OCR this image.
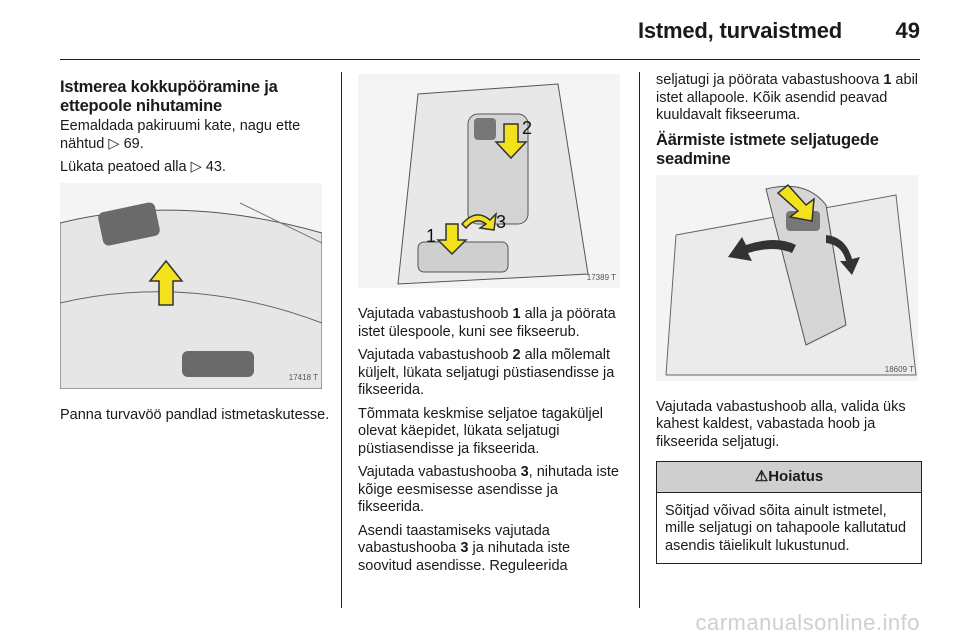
Istmed, turvaistmed 49
Istmerea kokkupööramine ja ettepoole nihutamine

Eemaldada pakiruumi kate, nagu ette nähtud ▷ 69.

Lükata peatoed alla ▷ 43.

17418 T

Panna turvavöö pandlad istmetaskutesse.

1
2
3
17389 T

Vajutada vabastushoob 1 alla ja pöörata istet ülespoole, kuni see fikseerub.

Vajutada vabastushoob 2 alla mõlemalt küljelt, lükata seljatugi püstiasendisse ja fikseerida.

Tõmmata keskmise seljatoe tagaküljel olevat käepidet, lükata seljatugi püstiasendisse ja fikseerida.

Vajutada vabastushooba 3, nihutada iste kõige eesmisesse asendisse ja fikseerida.

Asendi taastamiseks vajutada vabastushooba 3 ja nihutada iste soovitud asendisse. Reguleerida

seljatugi ja pöörata vabastushoova 1 abil istet allapoole. Kõik asendid peavad kuuldavalt fikseeruma.

Äärmiste istmete seljatugede seadmine
18609 T

Vajutada vabastushoob alla, valida üks kahest kaldest, vabastada hoob ja fikseerida seljatugi.

⚠Hoiatus
Sõitjad võivad sõita ainult istmetel, mille seljatugi on tahapoole kallutatud asendis täielikult lukustunud.
carmanualsonline.info
